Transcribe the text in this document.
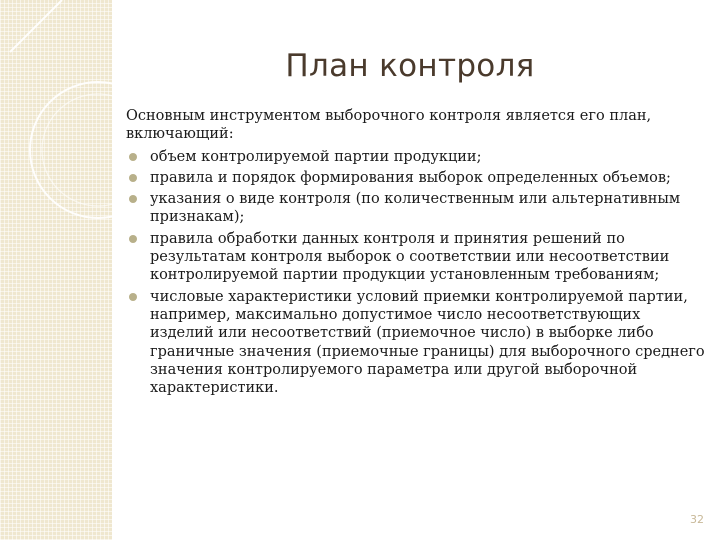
План контроля

Основным инструментом выборочного контроля является его план, включающий:

объем контролируемой партии продукции;
правила и порядок формирования выборок определенных объемов;
указания о виде контроля (по количественным или альтернативным признакам);
правила обработки данных контроля и принятия решений по результатам контроля выборок о соответствии или несоответствии контролируемой партии продукции установленным требованиям;
числовые характеристики условий приемки контролируемой партии, например, максимально допустимое число несоответствующих изделий или несоответствий (приемочное число) в выборке либо граничные значения (приемочные границы) для выборочного среднего значения контролируемого параметра или другой выборочной характеристики.
32
